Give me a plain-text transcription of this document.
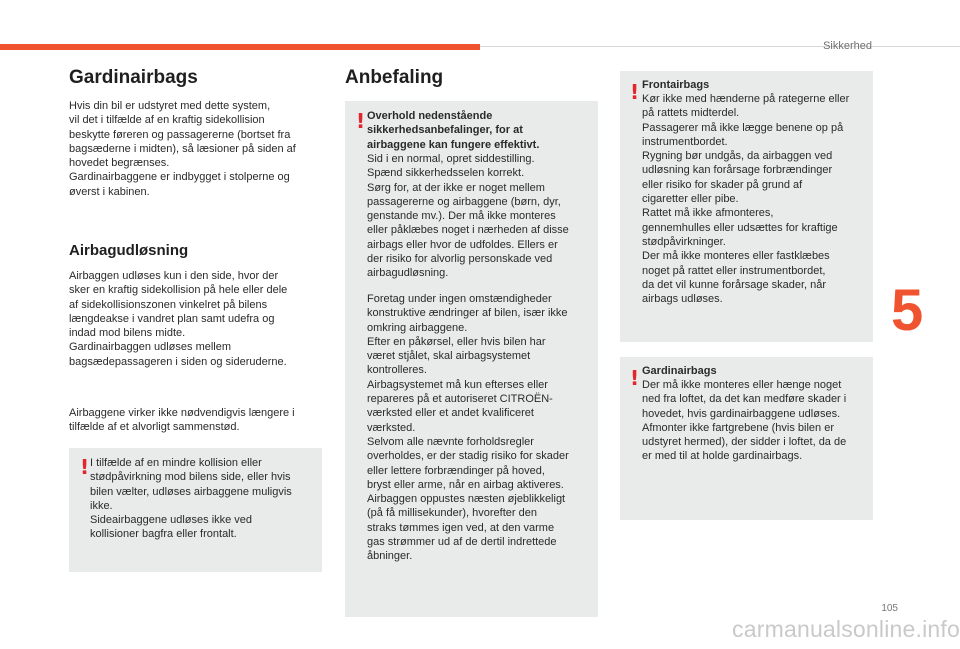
Sikkerhed
5
105
Gardinairbags

Hvis din bil er udstyret med dette system,
vil det i tilfælde af en kraftig sidekollision
beskytte føreren og passagererne (bortset fra
bagsæderne i midten), så læsioner på siden af
hovedet begrænses.
Gardinairbaggene er indbygget i stolperne og
øverst i kabinen.

Airbagudløsning

Airbaggen udløses kun i den side, hvor der
sker en kraftig sidekollision på hele eller dele
af sidekollisionszonen vinkelret på bilens
længdeakse i vandret plan samt udefra og
indad mod bilens midte.
Gardinairbaggen udløses mellem
bagsædepassageren i siden og sideruderne.

Airbaggene virker ikke nødvendigvis længere i
tilfælde af et alvorligt sammenstød.

! I tilfælde af en mindre kollision eller
stødpåvirkning mod bilens side, eller hvis
bilen vælter, udløses airbaggene muligvis
ikke.
Sideairbaggene udløses ikke ved
kollisioner bagfra eller frontalt.

Anbefaling
! Overhold nedenstående
sikkerhedsanbefalinger, for at
airbaggene kan fungere effektivt.

Sid i en normal, opret siddestilling.
Spænd sikkerhedsselen korrekt.
Sørg for, at der ikke er noget mellem
passagererne og airbaggene (børn, dyr,
genstande mv.). Der må ikke monteres
eller påklæbes noget i nærheden af disse
airbags eller hvor de udfoldes. Ellers er
der risiko for alvorlig personskade ved
airbagudløsning.

Foretag under ingen omstændigheder
konstruktive ændringer af bilen, især ikke
omkring airbaggene.
Efter en påkørsel, eller hvis bilen har
været stjålet, skal airbagsystemet
kontrolleres.
Airbagsystemet må kun efterses eller
repareres på et autoriseret CITROËN-
værksted eller et andet kvalificeret
værksted.
Selvom alle nævnte forholdsregler
overholdes, er der stadig risiko for skader
eller lettere forbrændinger på hoved,
bryst eller arme, når en airbag aktiveres.
Airbaggen oppustes næsten øjeblikkeligt
(på få millisekunder), hvorefter den
straks tømmes igen ved, at den varme
gas strømmer ud af de dertil indrettede
åbninger.

! Frontairbags

Kør ikke med hænderne på rategerne eller
på rattets midterdel.
Passagerer må ikke lægge benene op på
instrumentbordet.
Rygning bør undgås, da airbaggen ved
udløsning kan forårsage forbrændinger
eller risiko for skader på grund af
cigaretter eller pibe.
Rattet må ikke afmonteres,
gennemhulles eller udsættes for kraftige
stødpåvirkninger.
Der må ikke monteres eller fastklæbes
noget på rattet eller instrumentbordet,
da det vil kunne forårsage skader, når
airbags udløses.

! Gardinairbags

Der må ikke monteres eller hænge noget
ned fra loftet, da det kan medføre skader i
hovedet, hvis gardinairbaggene udløses.
Afmonter ikke fartgrebene (hvis bilen er
udstyret hermed), der sidder i loftet, da de
er med til at holde gardinairbags.

carmanualsonline.info
